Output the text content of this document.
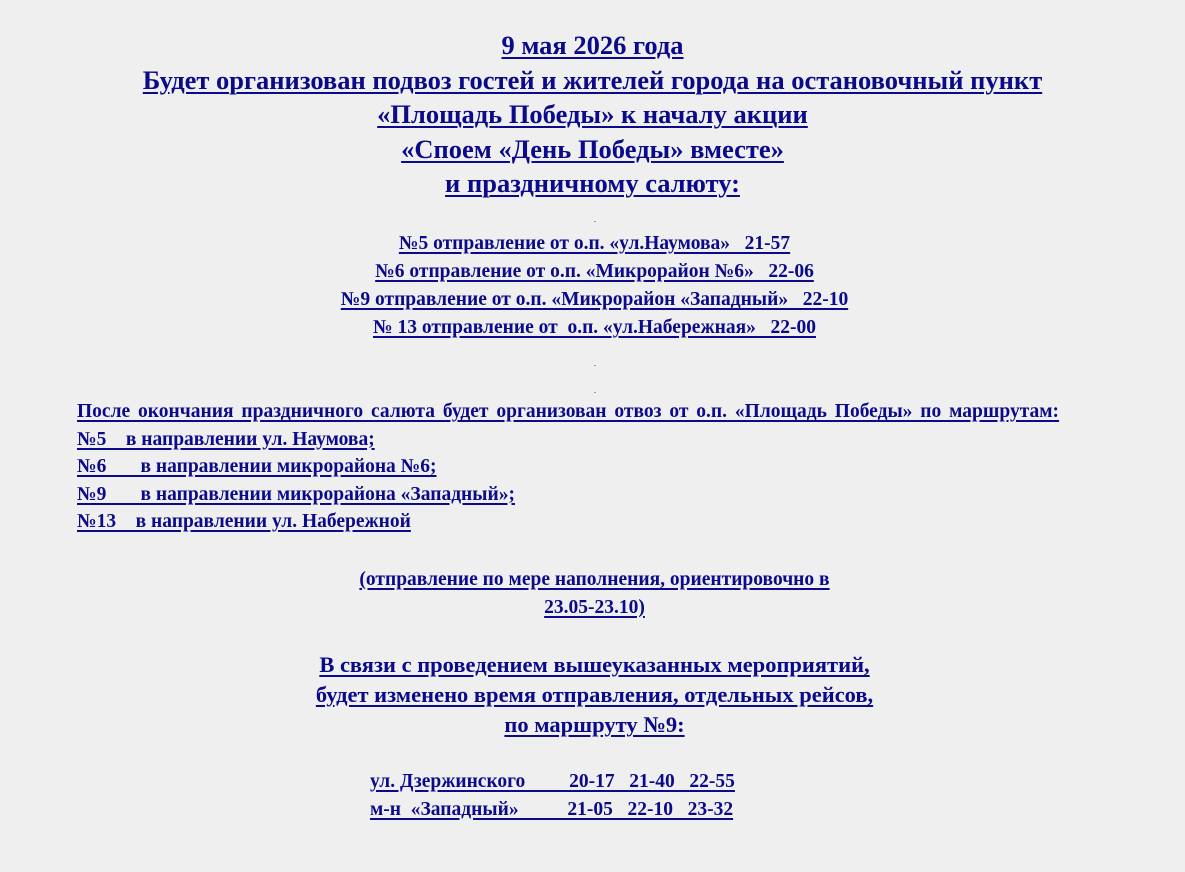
9 мая 2026 года
Будет организован подвоз гостей и жителей города на остановочный пункт
«Площадь Победы» к началу акции
«Споем «День Победы» вместе»
и праздничному салюту:
№5 отправление от о.п. «ул.Наумова»   21-57
№6 отправление от о.п. «Микрорайон №6»   22-06
№9 отправление от о.п. «Микрорайон «Западный»   22-10
№ 13 отправление от  о.п. «ул.Набережная»   22-00
После окончания праздничного салюта будет организован отвоз от о.п. «Площадь Победы» по маршрутам:
№5    в направлении ул. Наумова;
№6       в направлении микрорайона №6;
№9       в направлении микрорайона «Западный»;
№13    в направлении ул. Набережной
(отправление по мере наполнения, ориентировочно в
23.05-23.10)
В связи с проведением вышеуказанных мероприятий,
будет изменено время отправления, отдельных рейсов,
по маршруту №9:
ул. Дзержинского         20-17   21-40   22-55
м-н  «Западный»          21-05   22-10   23-32
